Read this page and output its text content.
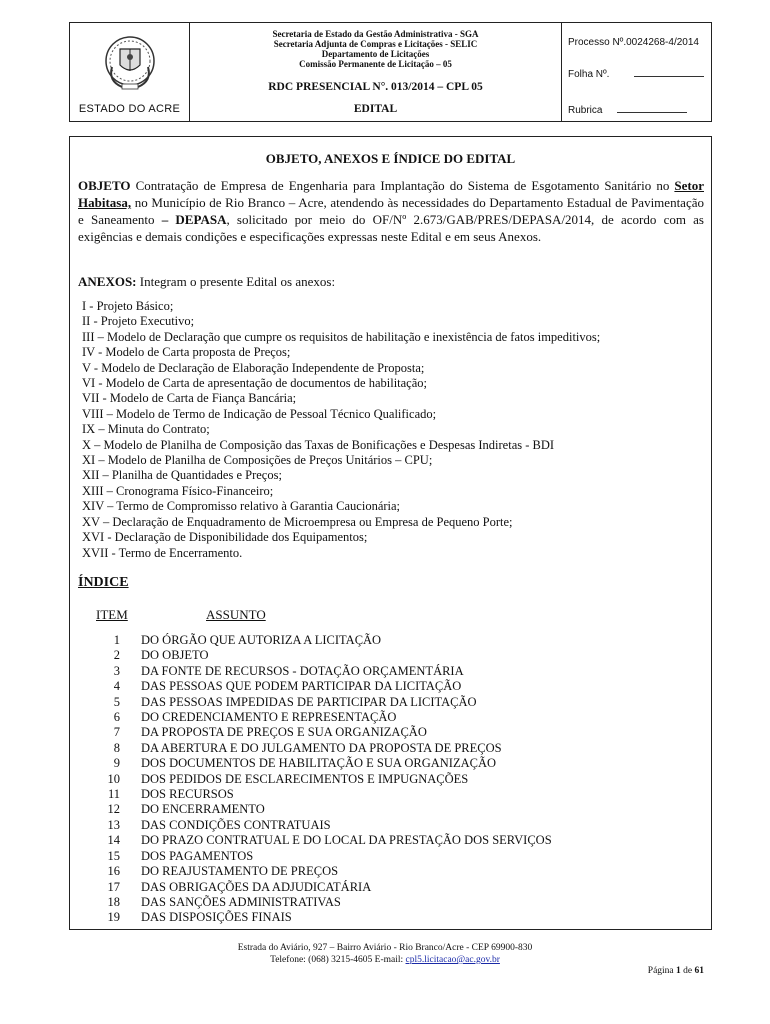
ESTADO DO ACRE
Secretaria de Estado da Gestão Administrativa - SGA
Secretaria Adjunta de Compras e Licitações - SELIC
Departamento de Licitações
Comissão Permanente de Licitação – 05
RDC PRESENCIAL N°. 013/2014 – CPL 05
EDITAL
Processo Nº.0024268-4/2014
Folha Nº.
Rubrica
OBJETO, ANEXOS E ÍNDICE DO EDITAL
OBJETO Contratação de Empresa de Engenharia para Implantação do Sistema de Esgotamento Sanitário no Setor Habitasa, no Município de Rio Branco – Acre, atendendo às necessidades do Departamento Estadual de Pavimentação e Saneamento – DEPASA, solicitado por meio do OF/Nº 2.673/GAB/PRES/DEPASA/2014, de acordo com as exigências e demais condições e especificações expressas neste Edital e em seus Anexos.
ANEXOS: Integram o presente Edital os anexos:
I - Projeto Básico;
II - Projeto Executivo;
III – Modelo de Declaração que cumpre os requisitos de habilitação e inexistência de fatos impeditivos;
IV - Modelo de Carta proposta de Preços;
V - Modelo de Declaração de Elaboração Independente de Proposta;
VI - Modelo de Carta de apresentação de documentos de habilitação;
VII - Modelo de Carta de Fiança Bancária;
VIII – Modelo de Termo de Indicação de Pessoal Técnico Qualificado;
IX – Minuta do Contrato;
X – Modelo de Planilha de Composição das Taxas de Bonificações e Despesas Indiretas - BDI
XI – Modelo de Planilha de Composições de Preços Unitários – CPU;
XII – Planilha de Quantidades e Preços;
XIII – Cronograma Físico-Financeiro;
XIV – Termo de Compromisso relativo à Garantia Caucionária;
XV – Declaração de Enquadramento de Microempresa ou Empresa de Pequeno Porte;
XVI - Declaração de Disponibilidade dos Equipamentos;
XVII - Termo de Encerramento.
ÍNDICE
ITEM	ASSUNTO
1 DO ÓRGÃO QUE AUTORIZA A LICITAÇÃO
2 DO OBJETO
3 DA FONTE DE RECURSOS - DOTAÇÃO ORÇAMENTÁRIA
4 DAS PESSOAS QUE PODEM PARTICIPAR DA LICITAÇÃO
5 DAS PESSOAS IMPEDIDAS DE PARTICIPAR DA LICITAÇÃO
6 DO CREDENCIAMENTO E REPRESENTAÇÃO
7 DA PROPOSTA DE PREÇOS E SUA ORGANIZAÇÃO
8 DA ABERTURA E DO JULGAMENTO DA PROPOSTA DE PREÇOS
9 DOS DOCUMENTOS DE HABILITAÇÃO E SUA ORGANIZAÇÃO
10 DOS PEDIDOS DE ESCLARECIMENTOS E IMPUGNAÇÕES
11 DOS RECURSOS
12 DO ENCERRAMENTO
13 DAS CONDIÇÕES CONTRATUAIS
14 DO PRAZO CONTRATUAL E DO LOCAL DA PRESTAÇÃO DOS SERVIÇOS
15 DOS PAGAMENTOS
16 DO REAJUSTAMENTO DE PREÇOS
17 DAS OBRIGAÇÕES DA ADJUDICATÁRIA
18 DAS SANÇÕES ADMINISTRATIVAS
19 DAS DISPOSIÇÕES FINAIS
Estrada do Aviário, 927 – Bairro Aviário - Rio Branco/Acre - CEP 69900-830
Telefone: (068) 3215-4605 E-mail: cpl5.licitacao@ac.gov.br
Página 1 de 61
